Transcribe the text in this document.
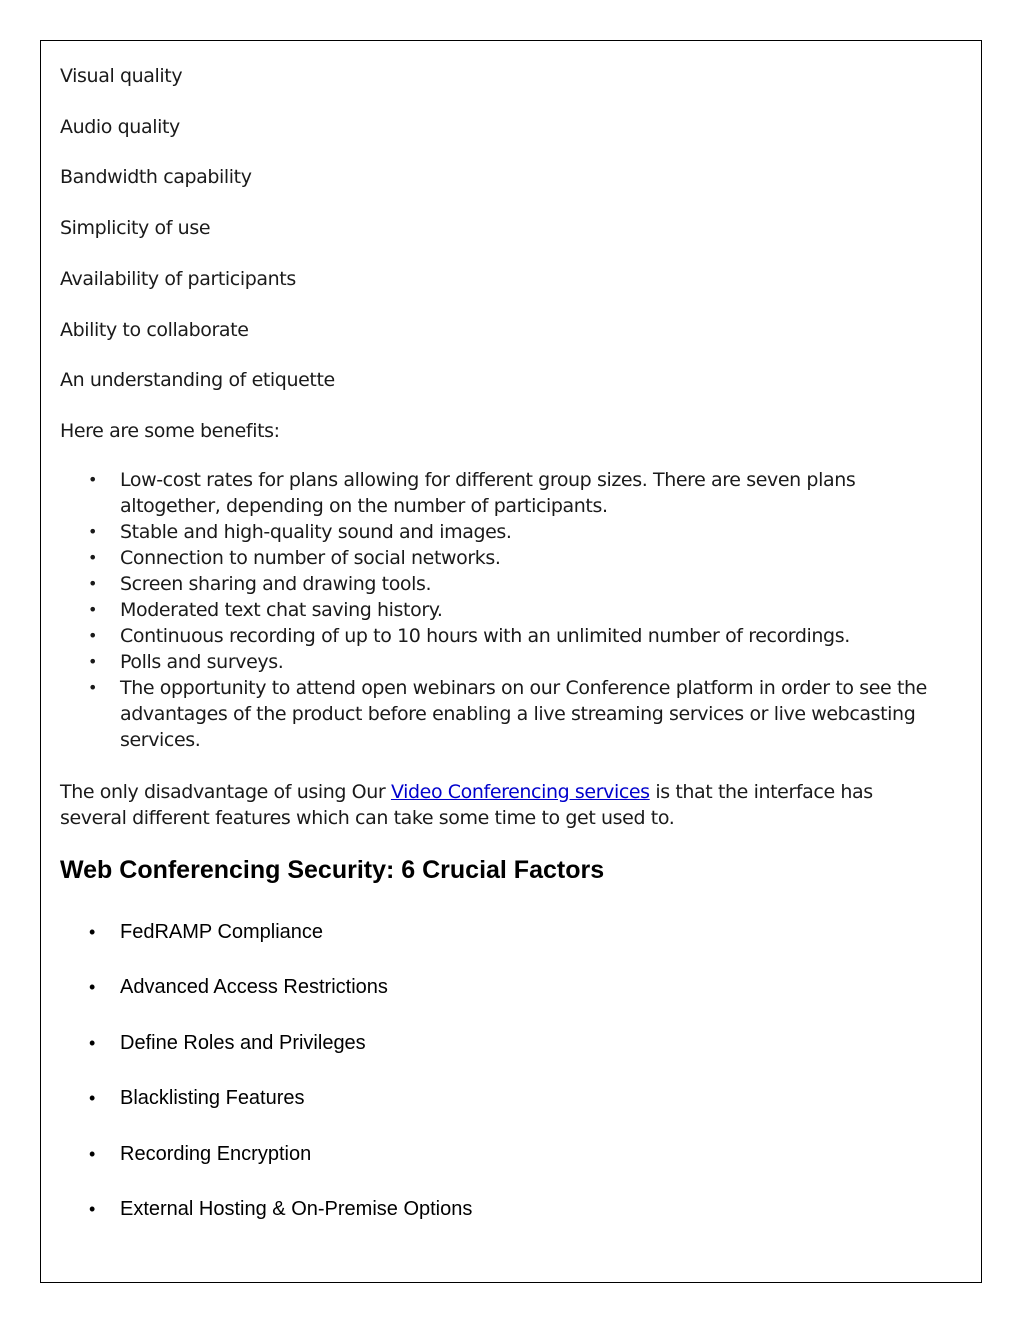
Visual quality

Audio quality

Bandwidth capability

Simplicity of use

Availability of participants

Ability to collaborate

An understanding of etiquette

Here are some benefits:

• Low-cost rates for plans allowing for different group sizes. There are seven plans altogether, depending on the number of participants.
• Stable and high-quality sound and images.
• Connection to number of social networks.
• Screen sharing and drawing tools.
• Moderated text chat saving history.
• Continuous recording of up to 10 hours with an unlimited number of recordings.
• Polls and surveys.
• The opportunity to attend open webinars on our Conference platform in order to see the advantages of the product before enabling a live streaming services or live webcasting services.

The only disadvantage of using Our Video Conferencing services is that the interface has several different features which can take some time to get used to.

Web Conferencing Security: 6 Crucial Factors
• FedRAMP Compliance
• Advanced Access Restrictions
• Define Roles and Privileges
• Blacklisting Features
• Recording Encryption
• External Hosting & On-Premise Options
